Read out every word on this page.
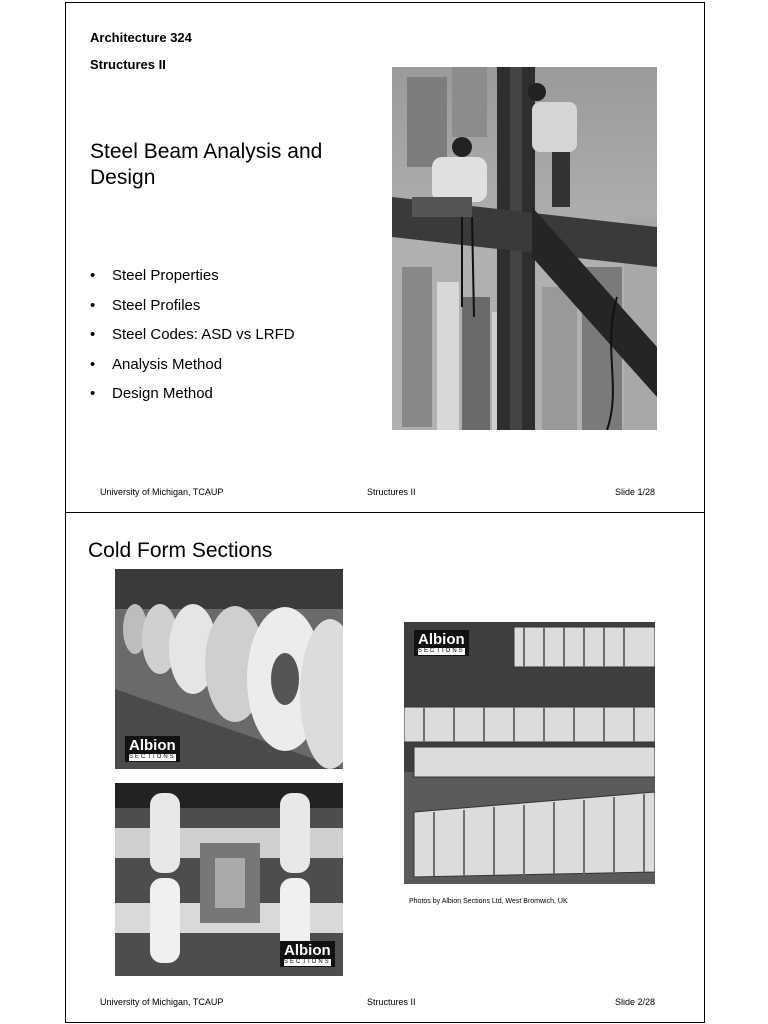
Architecture 324
Structures II
Steel Beam Analysis and Design
•	Steel Properties
•	Steel Profiles
•	Steel Codes: ASD vs LRFD
•	Analysis Method
•	Design Method
University of Michigan, TCAUP	Structures II	Slide 1/28
Cold Form Sections
Albion
SECTIONS
Albion
SECTIONS
Albion
SECTIONS
Photos by Albion Sections Ltd, West Bromwich, UK
University of Michigan, TCAUP	Structures II	Slide 2/28
